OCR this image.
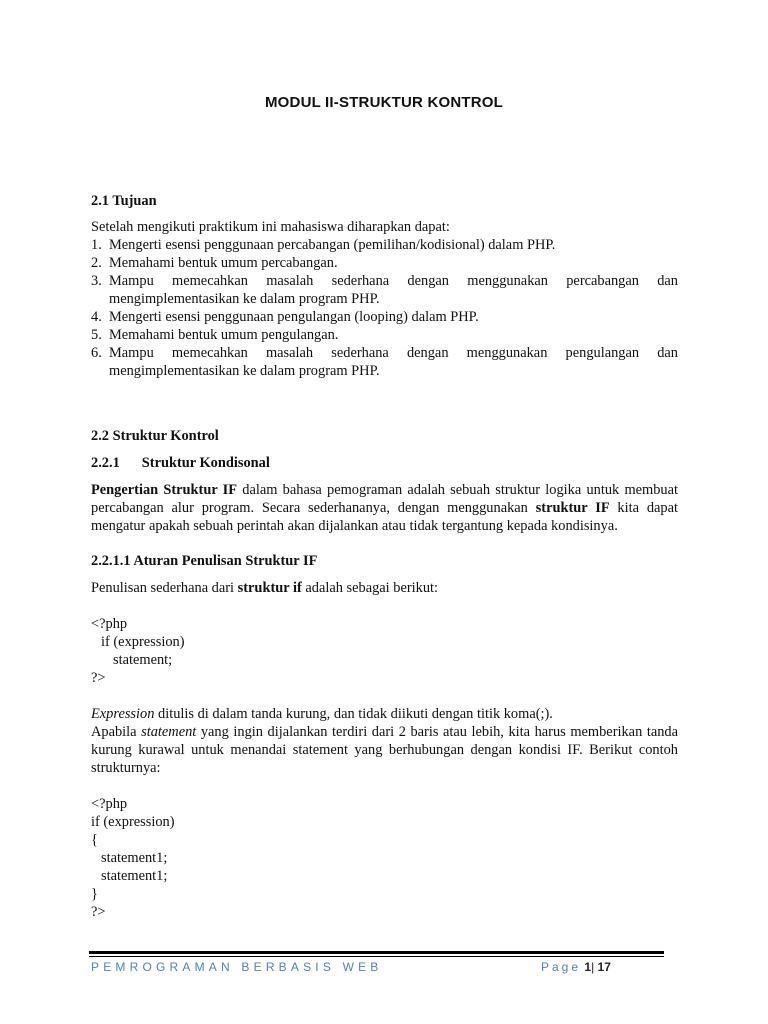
MODUL II-STRUKTUR KONTROL

2.1 Tujuan

Setelah mengikuti praktikum ini mahasiswa diharapkan dapat:

1. Mengerti esensi penggunaan percabangan (pemilihan/kodisional) dalam PHP.
2. Memahami bentuk umum percabangan.
3. Mampu memecahkan masalah sederhana dengan menggunakan percabangan dan mengimplementasikan ke dalam program PHP.
4. Mengerti esensi penggunaan pengulangan (looping) dalam PHP.
5. Memahami bentuk umum pengulangan.
6. Mampu memecahkan masalah sederhana dengan menggunakan pengulangan dan mengimplementasikan ke dalam program PHP.

2.2 Struktur Kontrol

2.2.1 Struktur Kondisonal

Pengertian Struktur IF dalam bahasa pemograman adalah sebuah struktur logika untuk membuat percabangan alur program. Secara sederhananya, dengan menggunakan struktur IF kita dapat mengatur apakah sebuah perintah akan dijalankan atau tidak tergantung kepada kondisinya.

2.2.1.1 Aturan Penulisan Struktur IF

Penulisan sederhana dari struktur if adalah sebagai berikut:

<?php
if (expression)
statement;
?>

Expression ditulis di dalam tanda kurung, dan tidak diikuti dengan titik koma(;).

Apabila statement yang ingin dijalankan terdiri dari 2 baris atau lebih, kita harus memberikan tanda kurung kurawal untuk menandai statement yang berhubungan dengan kondisi IF. Berikut contoh strukturnya:

<?php
if (expression)
{
statement1;
statement1;
}
?>
PEMROGRAMAN BERBASIS WEB	Page 1| 17
